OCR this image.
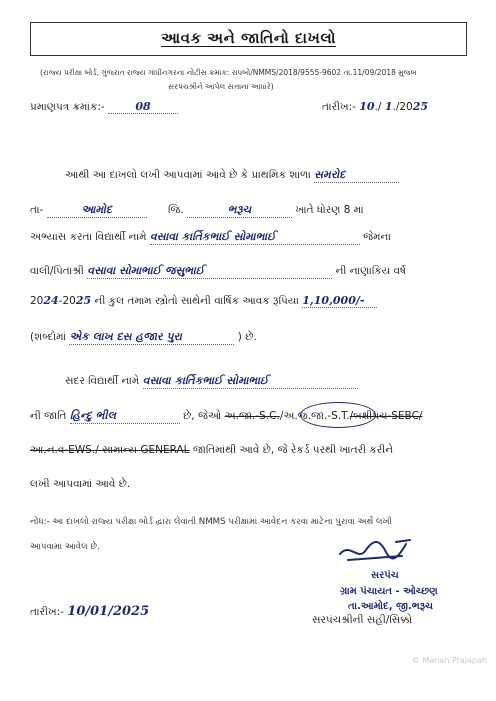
આવક અને જાતિનો દાખલો
(રાજ્ય પરીક્ષા બોર્ડ, ગુજરાત રાજ્ય ગાંધીનગરના નોટીસ ક્રમાંક: રાપબો/NMMS/2018/9555-9602 તા.11/09/2018 મુજબ
સરપંચશ્રીને આપેલ સત્તાના આધારે)
પ્રમાણપત્ર ક્રમાંક:-	08	તારીખ:- 10./ 1./2025
આથી આ દાખલો લખી આપવામાં આવે છે કે પ્રાથમિક શાળા સમરોદ
તા-	આમોદ	જિ.	ભરૂચ	ખાતે ધોરણ 8 માં
અભ્યાસ કરતા વિદ્યાર્થી નામે વસાવા કાર્તિકભાઈ સોમાભાઈ	જેમના
વાલી/પિતાશ્રી વસાવા સોમાભાઈ જસુભાઈ	ની નાણાકિય વર્ષ
2024-2025 ની કુલ તમામ સ્ત્રોતો સાથેની વાર્ષિક આવક રૂપિયા 1,10,000/-
(શબ્દોમાં એક લાખ દસ હજાર પુરા	) છે.
સદર વિદ્યાર્થી નામે વસાવા કાર્તિકભાઈ સોમાભાઈ
ની જાતિ હિન્દુ ભીલ	છે, જેઓ અ.જા.-S.C./અ.જ.જા.-S.T./બક્ષીપંચ-SEBC/
આ.ન.વ-EWS./ સામાન્ય GENERAL જાતિમાંથી આવે છે, જે રેકર્ડ પરથી ખાતરી કરીને
લખી આપવામાં આવે છે.
નોંધ:- આ દાખલો રાજ્ય પરીક્ષા બોર્ડ દ્વારા લેવાતી NMMS પરીક્ષામાં આવેદન કરવા માટેના પુરાવા અર્થે લખી
આપવામાં આવેલ છે.
સરપંચ
ગ્રામ પંચાયત - ઓચ્છણ
તા.આમોદ, જી.ભરૂચ
સરપંચશ્રીની સહી/સિક્કો
તારીખ:- 10/01/2025
© Manan Prajapati
